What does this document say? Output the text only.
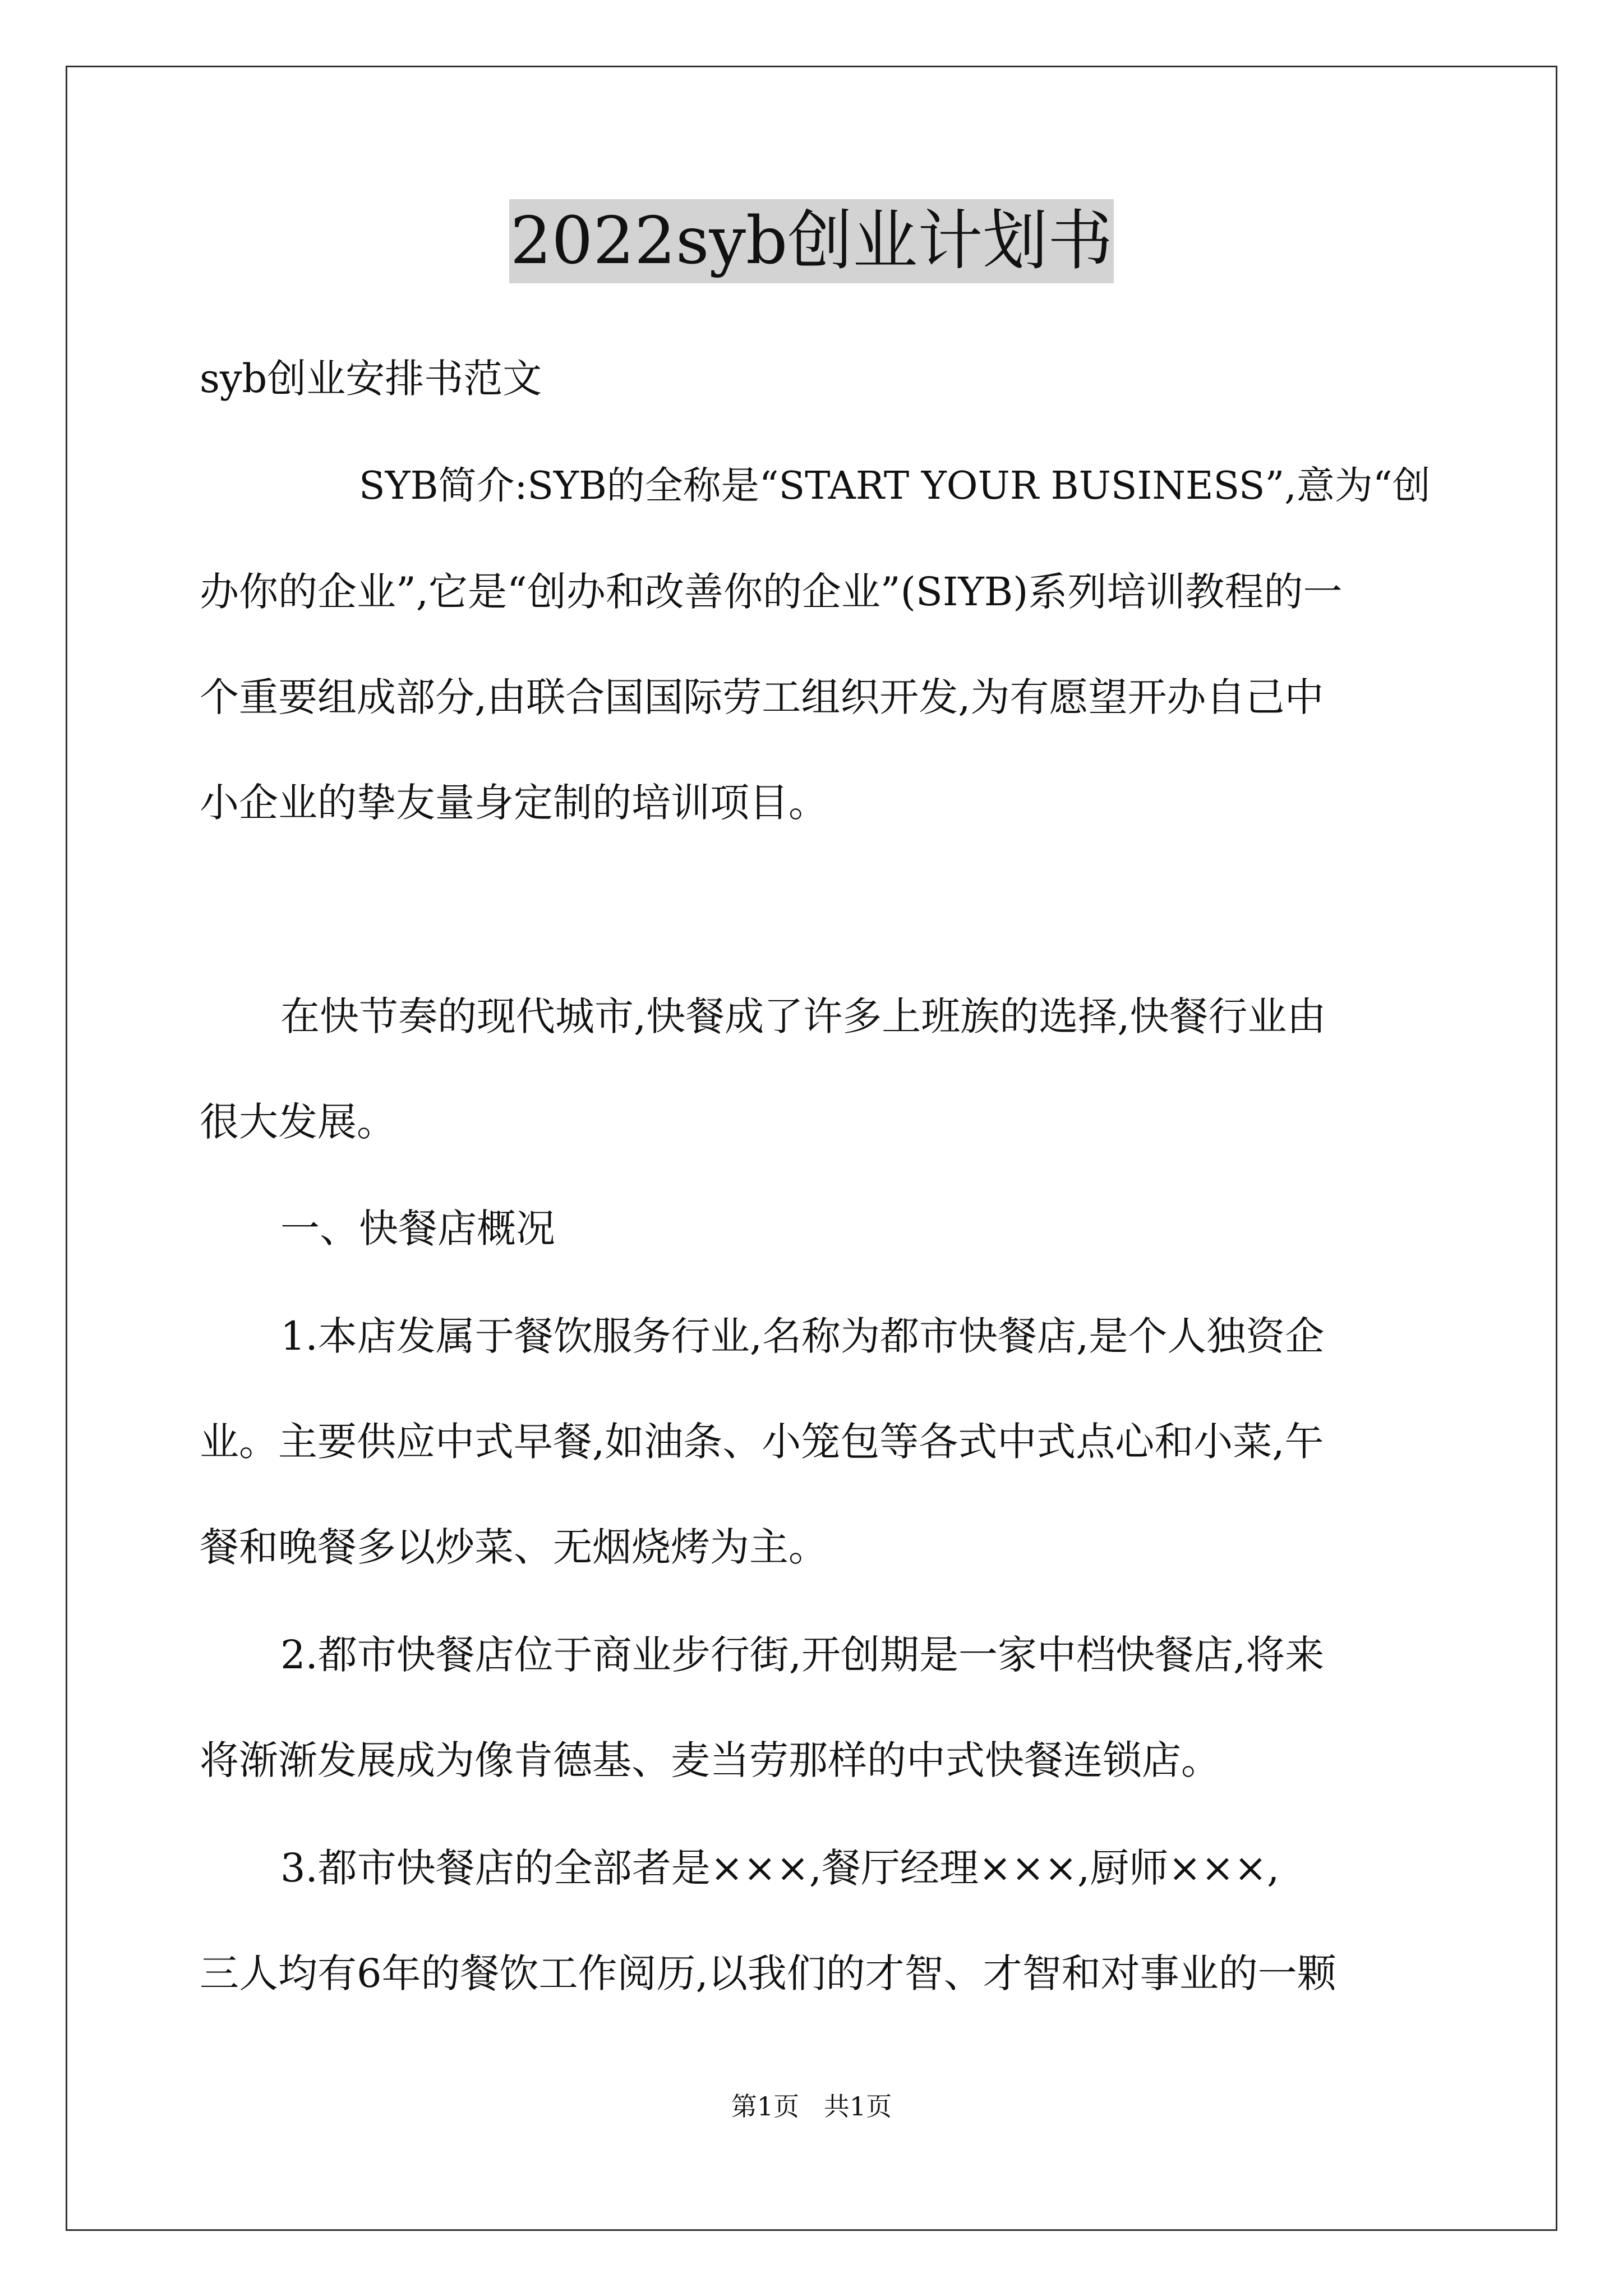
2022syb创业计划书
syb创业安排书范文
SYB简介:SYB的全称是“START YOUR BUSINESS”,意为“创
办你的企业”,它是“创办和改善你的企业”(SIYB)系列培训教程的一
个重要组成部分,由联合国国际劳工组织开发,为有愿望开办自己中
小企业的挚友量身定制的培训项目。
在快节奏的现代城市,快餐成了许多上班族的选择,快餐行业由
很大发展。
一、快餐店概况
1.本店发属于餐饮服务行业,名称为都市快餐店,是个人独资企
业。主要供应中式早餐,如油条、小笼包等各式中式点心和小菜,午
餐和晚餐多以炒菜、无烟烧烤为主。
2.都市快餐店位于商业步行街,开创期是一家中档快餐店,将来
将渐渐发展成为像肯德基、麦当劳那样的中式快餐连锁店。
3.都市快餐店的全部者是×××,餐厅经理×××,厨师×××,
三人均有6年的餐饮工作阅历,以我们的才智、才智和对事业的一颗
第1页   共1页
